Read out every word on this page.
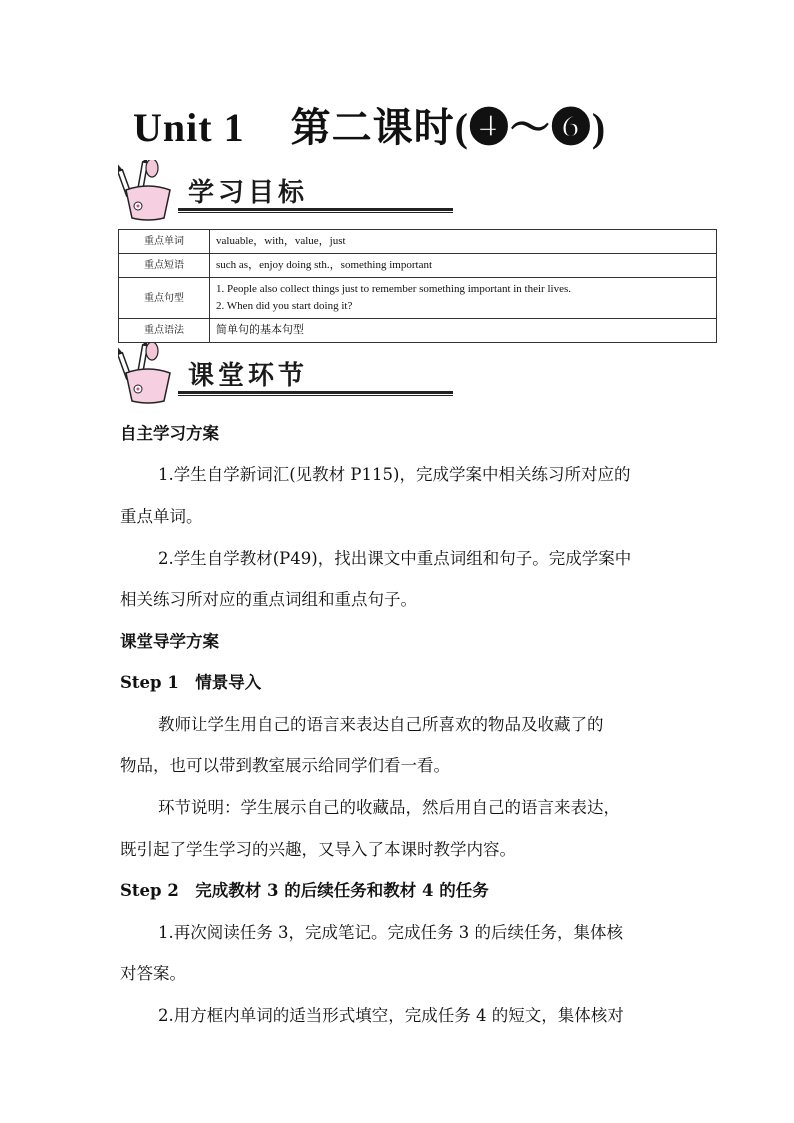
Unit 1 第二课时(❹～❻)
学习目标
重点单词	valuable，with，value，just
重点短语	such as，enjoy doing sth.，something important
重点句型	1. People also collect things just to remember something important in their lives.
2. When did you start doing it?

重点语法	简单句的基本句型
课堂环节
自主学习方案
1.学生自学新词汇(见教材 P115)，完成学案中相关练习所对应的
重点单词。
2.学生自学教材(P49)，找出课文中重点词组和句子。完成学案中
相关练习所对应的重点词组和重点句子。
课堂导学方案
Step 1　情景导入
教师让学生用自己的语言来表达自己所喜欢的物品及收藏了的
物品，也可以带到教室展示给同学们看一看。
环节说明：学生展示自己的收藏品，然后用自己的语言来表达，
既引起了学生学习的兴趣，又导入了本课时教学内容。
Step 2　完成教材 3 的后续任务和教材 4 的任务
1.再次阅读任务 3，完成笔记。完成任务 3 的后续任务，集体核
对答案。
2.用方框内单词的适当形式填空，完成任务 4 的短文，集体核对
